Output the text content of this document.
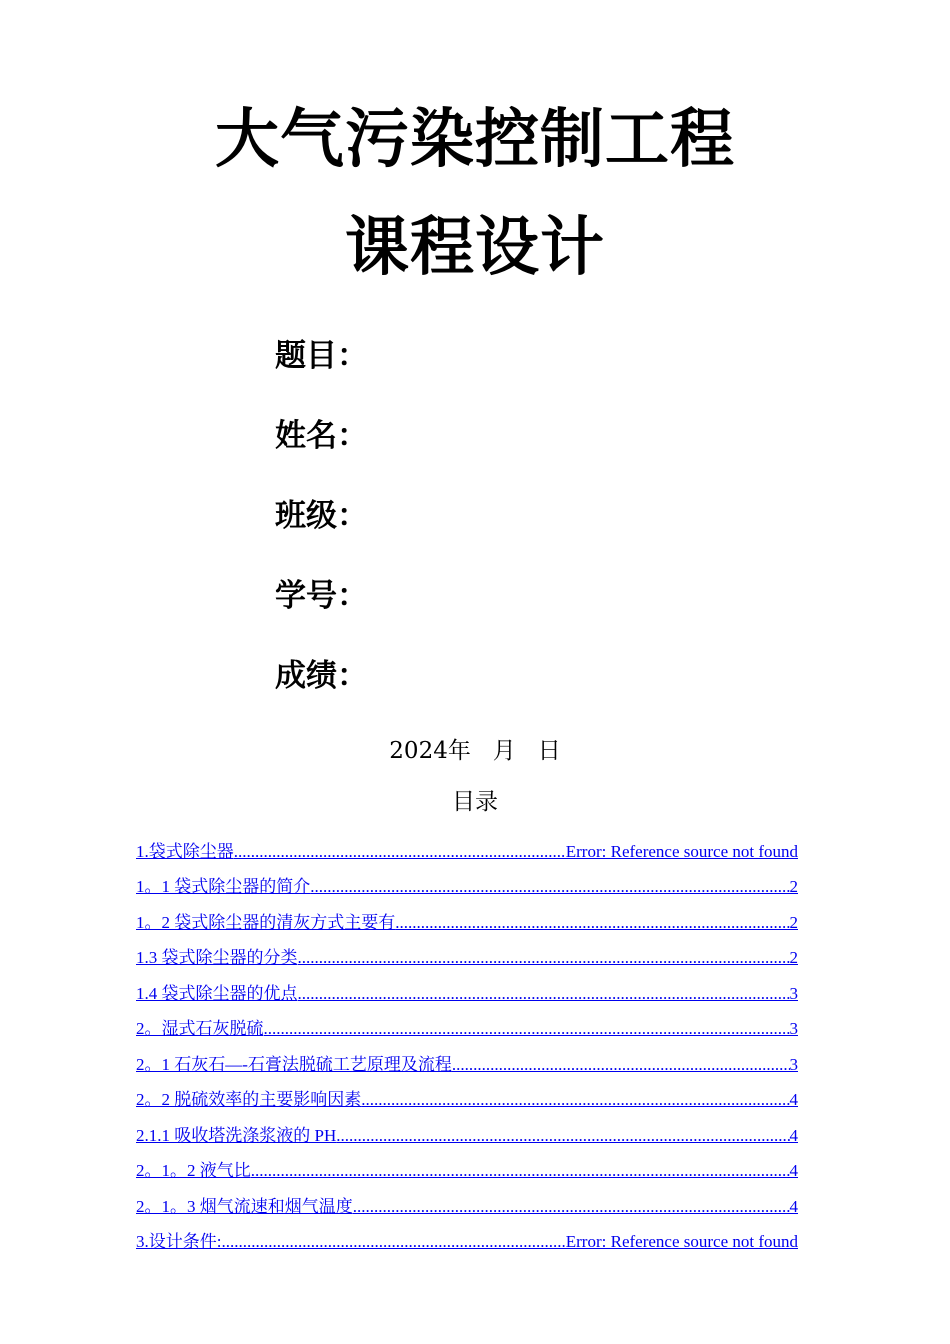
大气污染控制工程
课程设计
题目：
姓名：
班级：
学号：
成绩：
2024年   月   日
目录
1.袋式除尘器 .....	Error: Reference source not found
1。1 袋式除尘器的简介 .....	2
1。2 袋式除尘器的清灰方式主要有 .....	2
1.3 袋式除尘器的分类 .....	2
1.4 袋式除尘器的优点 .....	3
2。湿式石灰脱硫 .....	3
2。1 石灰石—-石膏法脱硫工艺原理及流程 .....	3
2。2 脱硫效率的主要影响因素 .....	4
2.1.1 吸收塔洗涤浆液的 PH .....	4
2。1。2 液气比 .....	4
2。1。3 烟气流速和烟气温度 .....	4
3.设计条件: .....	Error: Reference source not found
